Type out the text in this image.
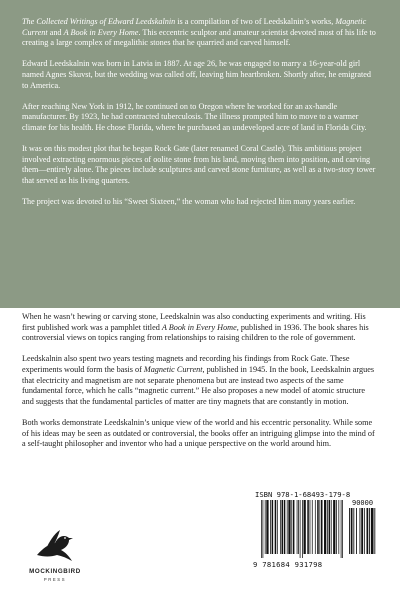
The Collected Writings of Edward Leedskalnin is a compilation of two of Leedskalnin’s works, Magnetic Current and A Book in Every Home. This eccentric sculptor and amateur scientist devoted most of his life to creating a large complex of megalithic stones that he quarried and carved himself.

Edward Leedskalnin was born in Latvia in 1887. At age 26, he was engaged to marry a 16-year-old girl named Agnes Skuvst, but the wedding was called off, leaving him heartbroken. Shortly after, he emigrated to America.

After reaching New York in 1912, he continued on to Oregon where he worked for an ax-handle manufacturer. By 1923, he had contracted tuberculosis. The illness prompted him to move to a warmer climate for his health. He chose Florida, where he purchased an undeveloped acre of land in Florida City.

It was on this modest plot that he began Rock Gate (later renamed Coral Castle). This ambitious project involved extracting enormous pieces of oolite stone from his land, moving them into position, and carving them—entirely alone. The pieces include sculptures and carved stone furniture, as well as a two-story tower that served as his living quarters.

The project was devoted to his “Sweet Sixteen,” the woman who had rejected him many years earlier.

When he wasn’t hewing or carving stone, Leedskalnin was also conducting experiments and writing. His first published work was a pamphlet titled A Book in Every Home, published in 1936. The book shares his controversial views on topics ranging from relationships to raising children to the role of government.

Leedskalnin also spent two years testing magnets and recording his findings from Rock Gate. These experiments would form the basis of Magnetic Current, published in 1945. In the book, Leedskalnin argues that electricity and magnetism are not separate phenomena but are instead two aspects of the same fundamental force, which he calls “magnetic current.” He also proposes a new model of atomic structure and suggests that the fundamental particles of matter are tiny magnets that are constantly in motion.

Both works demonstrate Leedskalnin’s unique view of the world and his eccentric personality. While some of his ideas may be seen as outdated or controversial, the books offer an intriguing glimpse into the mind of a self-taught philosopher and inventor who had a unique perspective on the world around him.

MOCKINGBIRD
PRESS
ISBN 978-1-68493-179-8
90000
9 781684 931798
